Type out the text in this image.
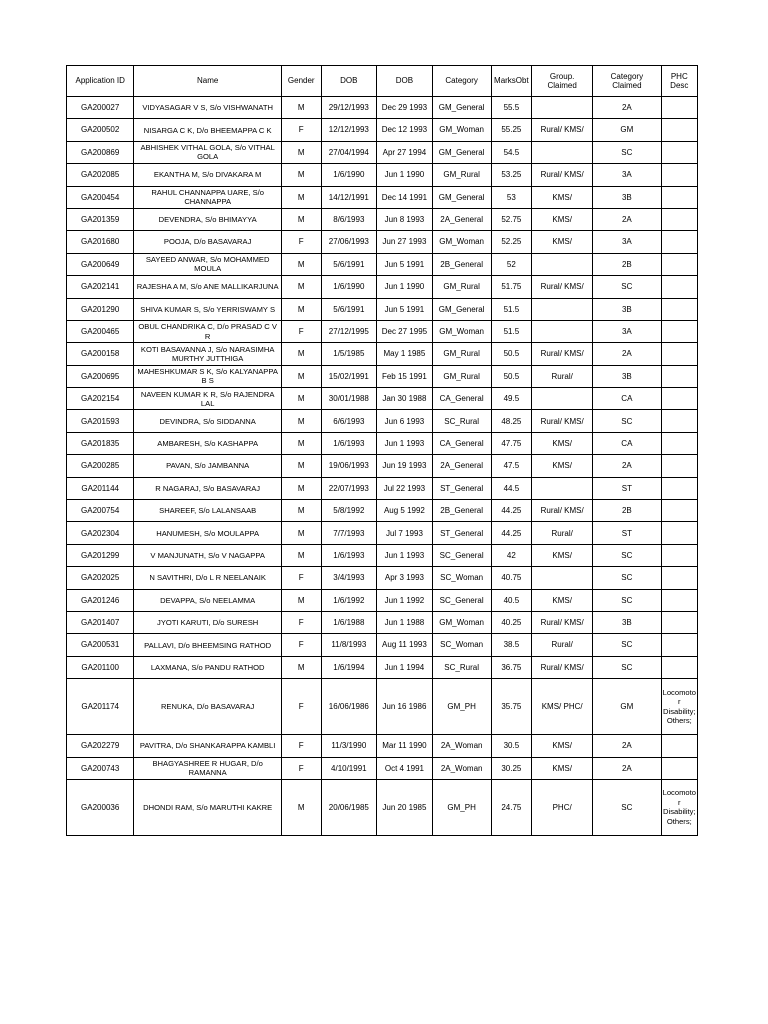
Application ID	Name	Gender	DOB	DOB	Category	MarksObt	Group. Claimed	Category Claimed	PHC Desc
GA200027	VIDYASAGAR V S, S/o VISHWANATH	M	29/12/1993	Dec 29 1993	GM_General	55.5		2A	
GA200502	NISARGA C K, D/o BHEEMAPPA C K	F	12/12/1993	Dec 12 1993	GM_Woman	55.25	Rural/ KMS/	GM	
GA200869	ABHISHEK VITHAL GOLA, S/o VITHAL GOLA	M	27/04/1994	Apr 27 1994	GM_General	54.5		SC	
GA202085	EKANTHA M, S/o DIVAKARA M	M	1/6/1990	Jun 1 1990	GM_Rural	53.25	Rural/ KMS/	3A	
GA200454	RAHUL CHANNAPPA UARE, S/o CHANNAPPA	M	14/12/1991	Dec 14 1991	GM_General	53	KMS/	3B	
GA201359	DEVENDRA, S/o BHIMAYYA	M	8/6/1993	Jun 8 1993	2A_General	52.75	KMS/	2A	
GA201680	POOJA, D/o BASAVARAJ	F	27/06/1993	Jun 27 1993	GM_Woman	52.25	KMS/	3A	
GA200649	SAYEED ANWAR, S/o MOHAMMED MOULA	M	5/6/1991	Jun 5 1991	2B_General	52		2B	
GA202141	RAJESHA A M, S/o ANE MALLIKARJUNA	M	1/6/1990	Jun 1 1990	GM_Rural	51.75	Rural/ KMS/	SC	
GA201290	SHIVA KUMAR S, S/o YERRISWAMY S	M	5/6/1991	Jun 5 1991	GM_General	51.5		3B	
GA200465	OBUL CHANDRIKA C, D/o PRASAD C V R	F	27/12/1995	Dec 27 1995	GM_Woman	51.5		3A	
GA200158	KOTI BASAVANNA J, S/o NARASIMHA MURTHY JUTTHIGA	M	1/5/1985	May 1 1985	GM_Rural	50.5	Rural/ KMS/	2A	
GA200695	MAHESHKUMAR S K, S/o KALYANAPPA B S	M	15/02/1991	Feb 15 1991	GM_Rural	50.5	Rural/	3B	
GA202154	NAVEEN KUMAR K R, S/o RAJENDRA LAL	M	30/01/1988	Jan 30 1988	CA_General	49.5		CA	
GA201593	DEVINDRA, S/o SIDDANNA	M	6/6/1993	Jun 6 1993	SC_Rural	48.25	Rural/ KMS/	SC	
GA201835	AMBARESH, S/o KASHAPPA	M	1/6/1993	Jun 1 1993	CA_General	47.75	KMS/	CA	
GA200285	PAVAN, S/o JAMBANNA	M	19/06/1993	Jun 19 1993	2A_General	47.5	KMS/	2A	
GA201144	R NAGARAJ, S/o BASAVARAJ	M	22/07/1993	Jul 22 1993	ST_General	44.5		ST	
GA200754	SHAREEF, S/o LALANSAAB	M	5/8/1992	Aug 5 1992	2B_General	44.25	Rural/ KMS/	2B	
GA202304	HANUMESH, S/o MOULAPPA	M	7/7/1993	Jul 7 1993	ST_General	44.25	Rural/	ST	
GA201299	V MANJUNATH, S/o V NAGAPPA	M	1/6/1993	Jun 1 1993	SC_General	42	KMS/	SC	
GA202025	N SAVITHRI, D/o L R NEELANAIK	F	3/4/1993	Apr 3 1993	SC_Woman	40.75		SC	
GA201246	DEVAPPA, S/o NEELAMMA	M	1/6/1992	Jun 1 1992	SC_General	40.5	KMS/	SC	
GA201407	JYOTI KARUTI, D/o SURESH	F	1/6/1988	Jun 1 1988	GM_Woman	40.25	Rural/ KMS/	3B	
GA200531	PALLAVI, D/o BHEEMSING RATHOD	F	11/8/1993	Aug 11 1993	SC_Woman	38.5	Rural/	SC	
GA201100	LAXMANA, S/o PANDU RATHOD	M	1/6/1994	Jun 1 1994	SC_Rural	36.75	Rural/ KMS/	SC	
GA201174	RENUKA, D/o BASAVARAJ	F	16/06/1986	Jun 16 1986	GM_PH	35.75	KMS/ PHC/	GM	Locomotor Disability;Others;
GA202279	PAVITRA, D/o SHANKARAPPA KAMBLI	F	11/3/1990	Mar 11 1990	2A_Woman	30.5	KMS/	2A	
GA200743	BHAGYASHREE R HUGAR, D/o RAMANNA	F	4/10/1991	Oct 4 1991	2A_Woman	30.25	KMS/	2A	
GA200036	DHONDI RAM, S/o MARUTHI KAKRE	M	20/06/1985	Jun 20 1985	GM_PH	24.75	PHC/	SC	Locomotor Disability;Others;
